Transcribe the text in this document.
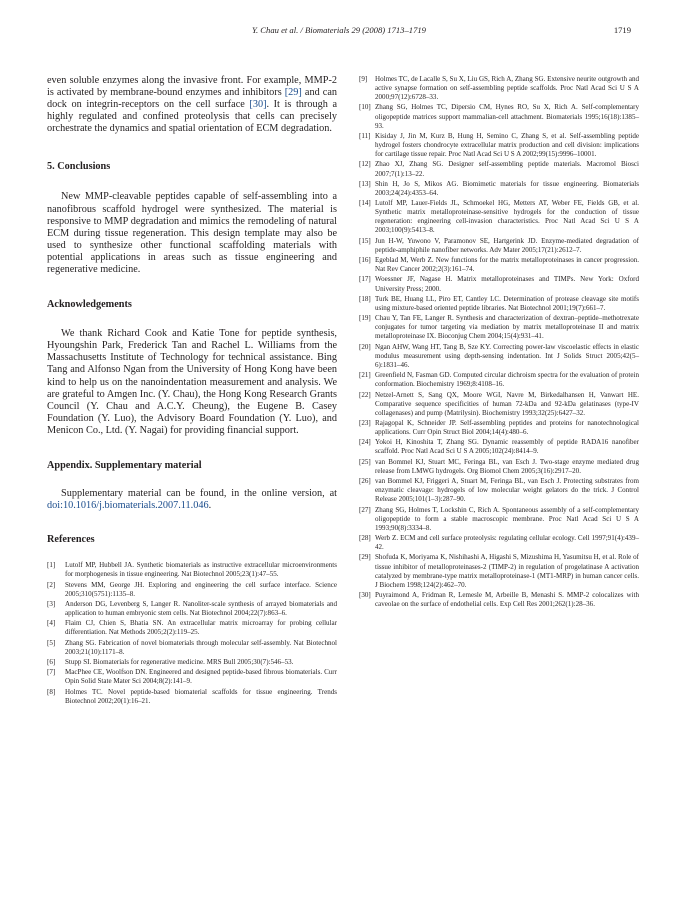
Y. Chau et al. / Biomaterials 29 (2008) 1713–1719	1719

even soluble enzymes along the invasive front. For example, MMP-2 is activated by membrane-bound enzymes and inhibitors [29] and can dock on integrin-receptors on the cell surface [30]. It is through a highly regulated and confined proteolysis that cells can precisely orchestrate the dynamics and spatial orientation of ECM degradation.

5. Conclusions

New MMP-cleavable peptides capable of self-assembling into a nanofibrous scaffold hydrogel were synthesized. The material is responsive to MMP degradation and mimics the remodeling of natural ECM during tissue regeneration. This design template may also be used to synthesize other functional scaffolding materials with potential applications in areas such as tissue engineering and regenerative medicine.

Acknowledgements

We thank Richard Cook and Katie Tone for peptide synthesis, Hyoungshin Park, Frederick Tan and Rachel L. Williams from the Massachusetts Institute of Technology for technical assistance. Bing Tang and Alfonso Ngan from the University of Hong Kong have been kind to help us on the nanoindentation measurement and analysis. We are grateful to Amgen Inc. (Y. Chau), the Hong Kong Research Grants Council (Y. Chau and A.C.Y. Cheung), the Eugene B. Casey Foundation (Y. Luo), the Advisory Board Foundation (Y. Luo), and Menicon Co., Ltd. (Y. Nagai) for providing financial support.

Appendix. Supplementary material

Supplementary material can be found, in the online version, at doi:10.1016/j.biomaterials.2007.11.046.

References
[1] Lutolf MP, Hubbell JA. Synthetic biomaterials as instructive extracellular microenvironments for morphogenesis in tissue engineering. Nat Biotechnol 2005;23(1):47–55.
[2] Stevens MM, George JH. Exploring and engineering the cell surface interface. Science 2005;310(5751):1135–8.
[3] Anderson DG, Levenberg S, Langer R. Nanoliter-scale synthesis of arrayed biomaterials and application to human embryonic stem cells. Nat Biotechnol 2004;22(7):863–6.
[4] Flaim CJ, Chien S, Bhatia SN. An extracellular matrix microarray for probing cellular differentiation. Nat Methods 2005;2(2):119–25.
[5] Zhang SG. Fabrication of novel biomaterials through molecular self-assembly. Nat Biotechnol 2003;21(10):1171–8.
[6] Stupp SI. Biomaterials for regenerative medicine. MRS Bull 2005;30(7):546–53.
[7] MacPhee CE, Woolfson DN. Engineered and designed peptide-based fibrous biomaterials. Curr Opin Solid State Mater Sci 2004;8(2):141–9.
[8] Holmes TC. Novel peptide-based biomaterial scaffolds for tissue engineering. Trends Biotechnol 2002;20(1):16–21.
[9] Holmes TC, de Lacalle S, Su X, Liu GS, Rich A, Zhang SG. Extensive neurite outgrowth and active synapse formation on self-assembling peptide scaffolds. Proc Natl Acad Sci U S A 2000;97(12):6728–33.
[10] Zhang SG, Holmes TC, Dipersio CM, Hynes RO, Su X, Rich A. Self-complementary oligopeptide matrices support mammalian-cell attachment. Biomaterials 1995;16(18):1385–93.
[11] Kisiday J, Jin M, Kurz B, Hung H, Semino C, Zhang S, et al. Self-assembling peptide hydrogel fosters chondrocyte extracellular matrix production and cell division: implications for cartilage tissue repair. Proc Natl Acad Sci U S A 2002;99(15):9996–10001.
[12] Zhao XJ, Zhang SG. Designer self-assembling peptide materials. Macromol Biosci 2007;7(1):13–22.
[13] Shin H, Jo S, Mikos AG. Biomimetic materials for tissue engineering. Biomaterials 2003;24(24):4353–64.
[14] Lutolf MP, Lauer-Fields JL, Schmoekel HG, Metters AT, Weber FE, Fields GB, et al. Synthetic matrix metalloproteinase-sensitive hydrogels for the conduction of tissue regeneration: engineering cell-invasion characteristics. Proc Natl Acad Sci U S A 2003;100(9):5413–8.
[15] Jun H-W, Yuwono V, Paramonov SE, Hartgerink JD. Enzyme-mediated degradation of peptide-amphiphile nanofiber networks. Adv Mater 2005;17(21):2612–7.
[16] Egeblad M, Werb Z. New functions for the matrix metalloproteinases in cancer progression. Nat Rev Cancer 2002;2(3):161–74.
[17] Woessner JF, Nagase H. Matrix metalloproteinases and TIMPs. New York: Oxford University Press; 2000.
[18] Turk BE, Huang LL, Piro ET, Cantley LC. Determination of protease cleavage site motifs using mixture-based oriented peptide libraries. Nat Biotechnol 2001;19(7):661–7.
[19] Chau Y, Tan FE, Langer R. Synthesis and characterization of dextran–peptide–methotrexate conjugates for tumor targeting via mediation by matrix metalloproteinase II and matrix metalloproteinase IX. Bioconjug Chem 2004;15(4):931–41.
[20] Ngan AHW, Wang HT, Tang B, Sze KY. Correcting power-law viscoelastic effects in elastic modulus measurement using depth-sensing indentation. Int J Solids Struct 2005;42(5–6):1831–46.
[21] Greenfield N, Fasman GD. Computed circular dichroism spectra for the evaluation of protein conformation. Biochemistry 1969;8:4108–16.
[22] Netzel-Arnett S, Sang QX, Moore WGI, Navre M, Birkedalhansen H, Vanwart HE. Comparative sequence specificities of human 72-kDa and 92-kDa gelatinases (type-IV collagenases) and pump (Matrilysin). Biochemistry 1993;32(25):6427–32.
[23] Rajagopal K, Schneider JP. Self-assembling peptides and proteins for nanotechnological applications. Curr Opin Struct Biol 2004;14(4):480–6.
[24] Yokoi H, Kinoshita T, Zhang SG. Dynamic reassembly of peptide RADA16 nanofiber scaffold. Proc Natl Acad Sci U S A 2005;102(24):8414–9.
[25] van Bommel KJ, Stuart MC, Feringa BL, van Esch J. Two-stage enzyme mediated drug release from LMWG hydrogels. Org Biomol Chem 2005;3(16):2917–20.
[26] van Bommel KJ, Friggeri A, Stuart M, Feringa BL, van Esch J. Protecting substrates from enzymatic cleavage: hydrogels of low molecular weight gelators do the trick. J Control Release 2005;101(1–3):287–90.
[27] Zhang SG, Holmes T, Lockshin C, Rich A. Spontaneous assembly of a self-complementary oligopeptide to form a stable macroscopic membrane. Proc Natl Acad Sci U S A 1993;90(8):3334–8.
[28] Werb Z. ECM and cell surface proteolysis: regulating cellular ecology. Cell 1997;91(4):439–42.
[29] Shofuda K, Moriyama K, Nishihashi A, Higashi S, Mizushima H, Yasumitsu H, et al. Role of tissue inhibitor of metalloproteinases-2 (TIMP-2) in regulation of progelatinase A activation catalyzed by membrane-type matrix metalloproteinase-1 (MT1-MRP) in human cancer cells. J Biochem 1998;124(2):462–70.
[30] Puyraimond A, Fridman R, Lemesle M, Arbeille B, Menashi S. MMP-2 colocalizes with caveolae on the surface of endothelial cells. Exp Cell Res 2001;262(1):28–36.
